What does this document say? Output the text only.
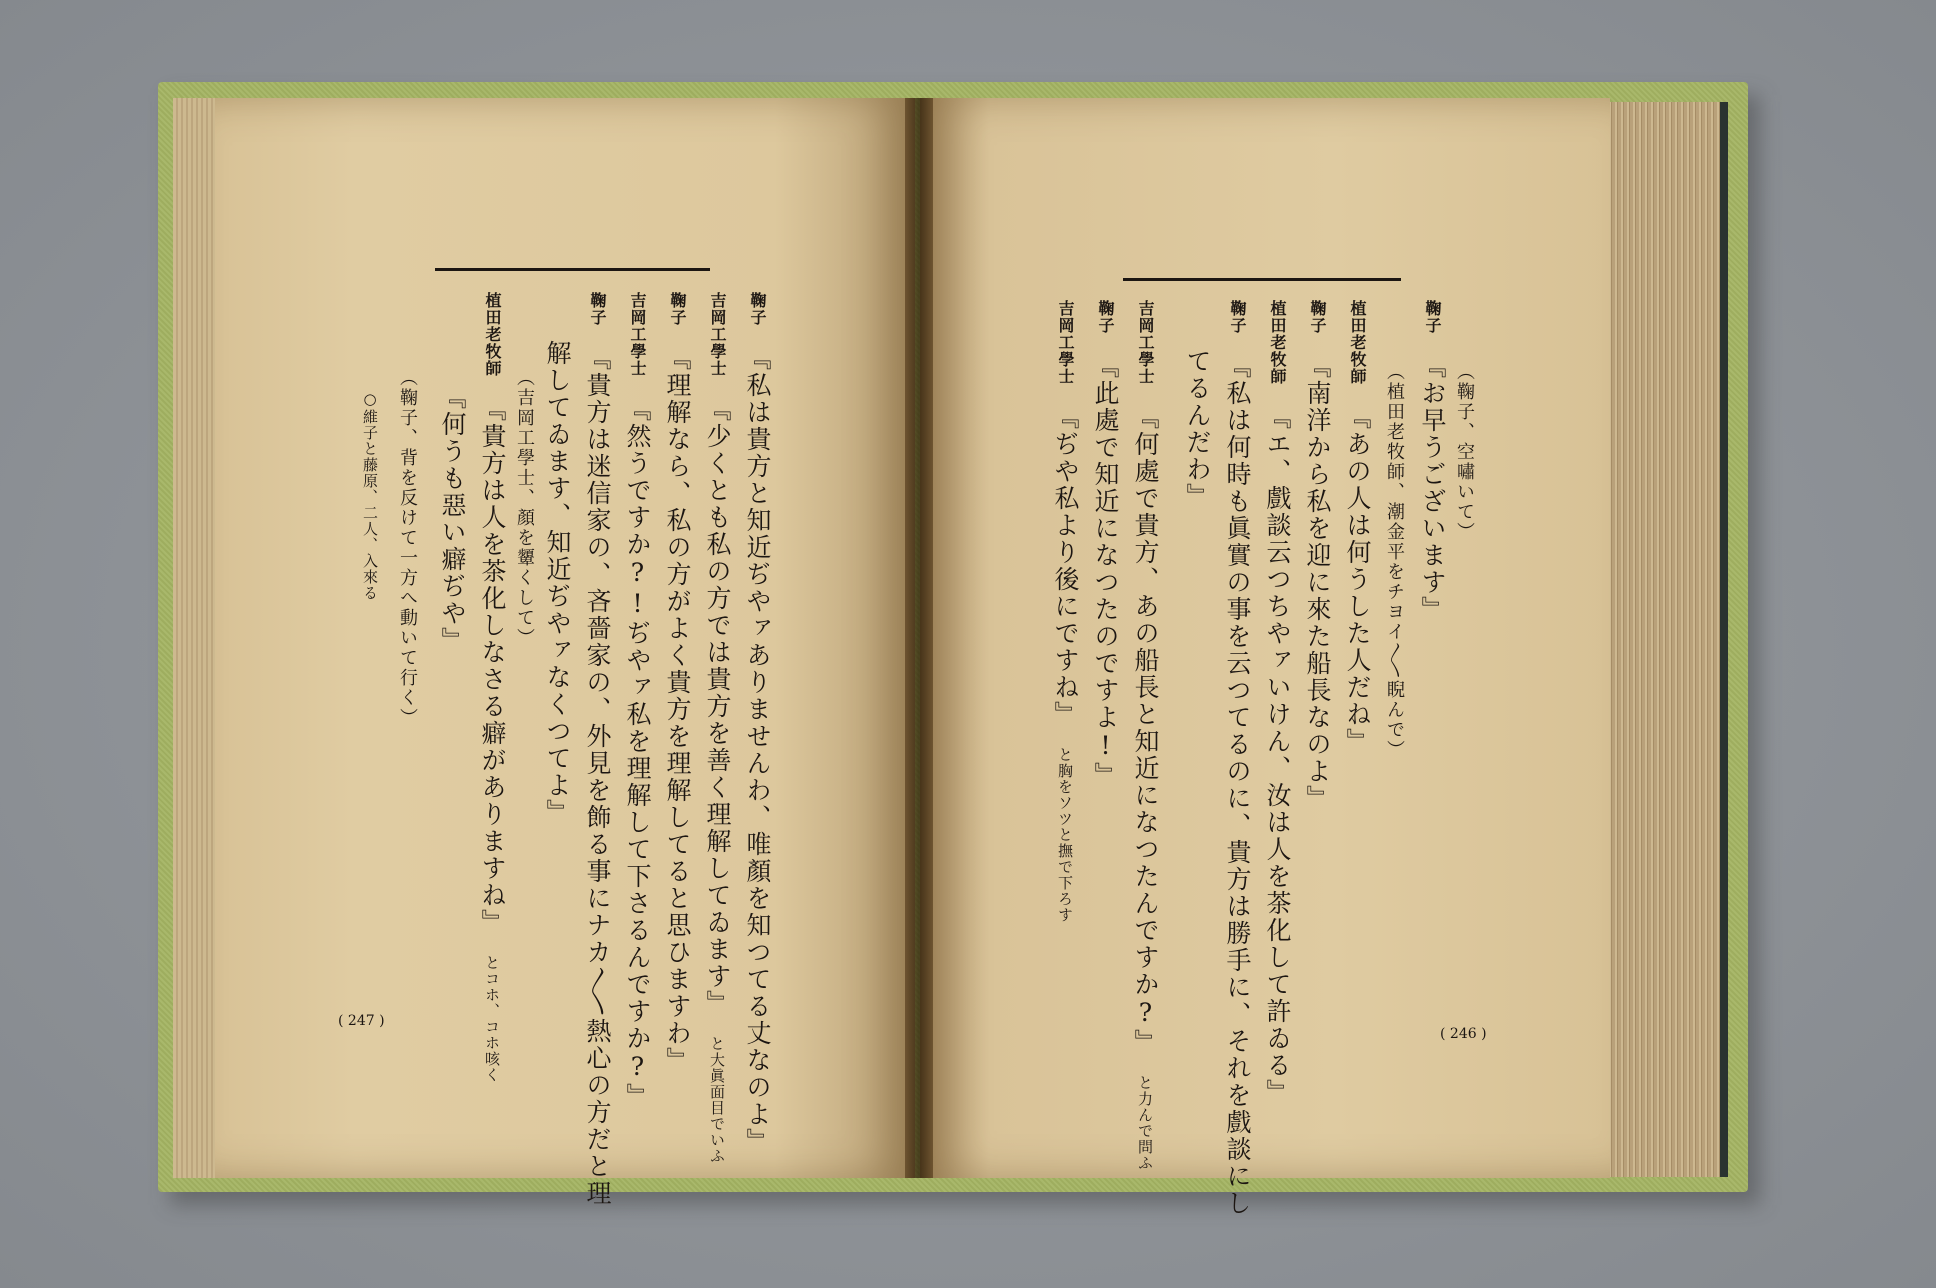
鞠子 『私は貴方と知近ぢやァありませんわ、唯顏を知つてる丈なのよ』
吉岡工學士 『少くとも私の方では貴方を善く理解してゐます』 と大眞面目でいふ
鞠子 『理解なら、私の方がよく貴方を理解してると思ひますわ』
吉岡工學士 『然うですか?!ぢやァ私を理解して下さるんですか?』
鞠子 『貴方は迷信家の、吝嗇家の、外見を飾る事にナカ〳〵熱心の方だと理
解してゐます、知近ぢやァなくつてよ』
（吉岡工學士、顏を顰くして）
植田老牧師 『貴方は人を茶化しなさる癖がありますね』 とコホ、コホ咳く
『何うも惡い癖ぢや』
（鞠子、背を反けて一方へ動いて行く）
○維子と藤原、二人、入來る	（鞠子、空嘯いて）
鞠子 『お早うございます』
（植田老牧師、潮金平をチヨイ〳〵睨んで）
植田老牧師 『あの人は何うした人だね』
鞠子 『南洋から私を迎に來た船長なのよ』
植田老牧師 『エ、戲談云つちやァいけん、汝は人を茶化して許ゐる』
鞠子 『私は何時も眞實の事を云つてるのに、貴方は勝手に、それを戲談にし
てるんだわ』
吉岡工學士 『何處で貴方、あの船長と知近になつたんですか?』 と力んで問ふ
鞠子 『此處で知近になつたのですよ!』
吉岡工學士 『ぢや私より後にですね』 と胸をソツと撫で下ろす
( 247 )
( 246 )
